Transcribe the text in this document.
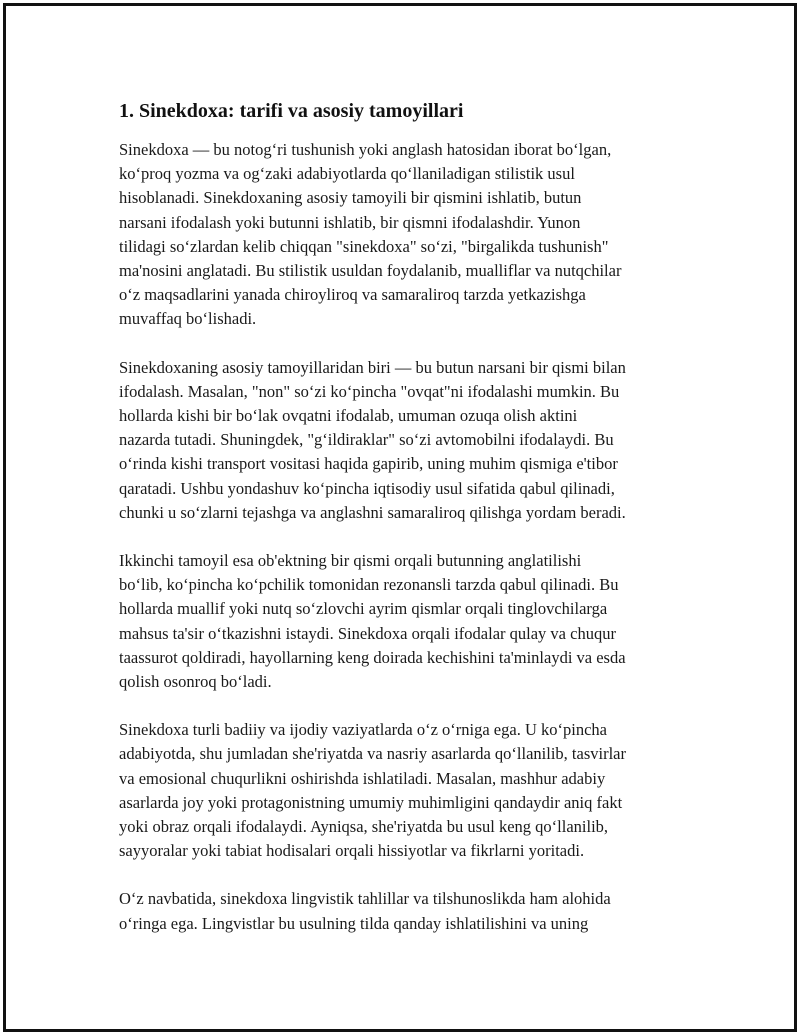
1. Sinekdoxa: tarifi va asosiy tamoyillari
Sinekdoxa — bu notog‘ri tushunish yoki anglash hatosidan iborat bo‘lgan,
ko‘proq yozma va og‘zaki adabiyotlarda qo‘llaniladigan stilistik usul
hisoblanadi. Sinekdoxaning asosiy tamoyili bir qismini ishlatib, butun
narsani ifodalash yoki butunni ishlatib, bir qismni ifodalashdir. Yunon
tilidagi so‘zlardan kelib chiqqan "sinekdoxa" so‘zi, "birgalikda tushunish"
ma'nosini anglatadi. Bu stilistik usuldan foydalanib, mualliflar va nutqchilar
o‘z maqsadlarini yanada chiroyliroq va samaraliroq tarzda yetkazishga
muvaffaq bo‘lishadi.
Sinekdoxaning asosiy tamoyillaridan biri — bu butun narsani bir qismi bilan
ifodalash. Masalan, "non" so‘zi ko‘pincha "ovqat"ni ifodalashi mumkin. Bu
hollarda kishi bir bo‘lak ovqatni ifodalab, umuman ozuqa olish aktini
nazarda tutadi. Shuningdek, "g‘ildiraklar" so‘zi avtomobilni ifodalaydi. Bu
o‘rinda kishi transport vositasi haqida gapirib, uning muhim qismiga e'tibor
qaratadi. Ushbu yondashuv ko‘pincha iqtisodiy usul sifatida qabul qilinadi,
chunki u so‘zlarni tejashga va anglashni samaraliroq qilishga yordam beradi.
Ikkinchi tamoyil esa ob'ektning bir qismi orqali butunning anglatilishi
bo‘lib, ko‘pincha ko‘pchilik tomonidan rezonansli tarzda qabul qilinadi. Bu
hollarda muallif yoki nutq so‘zlovchi ayrim qismlar orqali tinglovchilarga
mahsus ta'sir o‘tkazishni istaydi. Sinekdoxa orqali ifodalar qulay va chuqur
taassurot qoldiradi, hayollarning keng doirada kechishini ta'minlaydi va esda
qolish osonroq bo‘ladi.
Sinekdoxa turli badiiy va ijodiy vaziyatlarda o‘z o‘rniga ega. U ko‘pincha
adabiyotda, shu jumladan she'riyatda va nasriy asarlarda qo‘llanilib, tasvirlar
va emosional chuqurlikni oshirishda ishlatiladi. Masalan, mashhur adabiy
asarlarda joy yoki protagonistning umumiy muhimligini qandaydir aniq fakt
yoki obraz orqali ifodalaydi. Ayniqsa, she'riyatda bu usul keng qo‘llanilib,
sayyoralar yoki tabiat hodisalari orqali hissiyotlar va fikrlarni yoritadi.
O‘z navbatida, sinekdoxa lingvistik tahlillar va tilshunoslikda ham alohida
o‘ringa ega. Lingvistlar bu usulning tilda qanday ishlatilishini va uning
